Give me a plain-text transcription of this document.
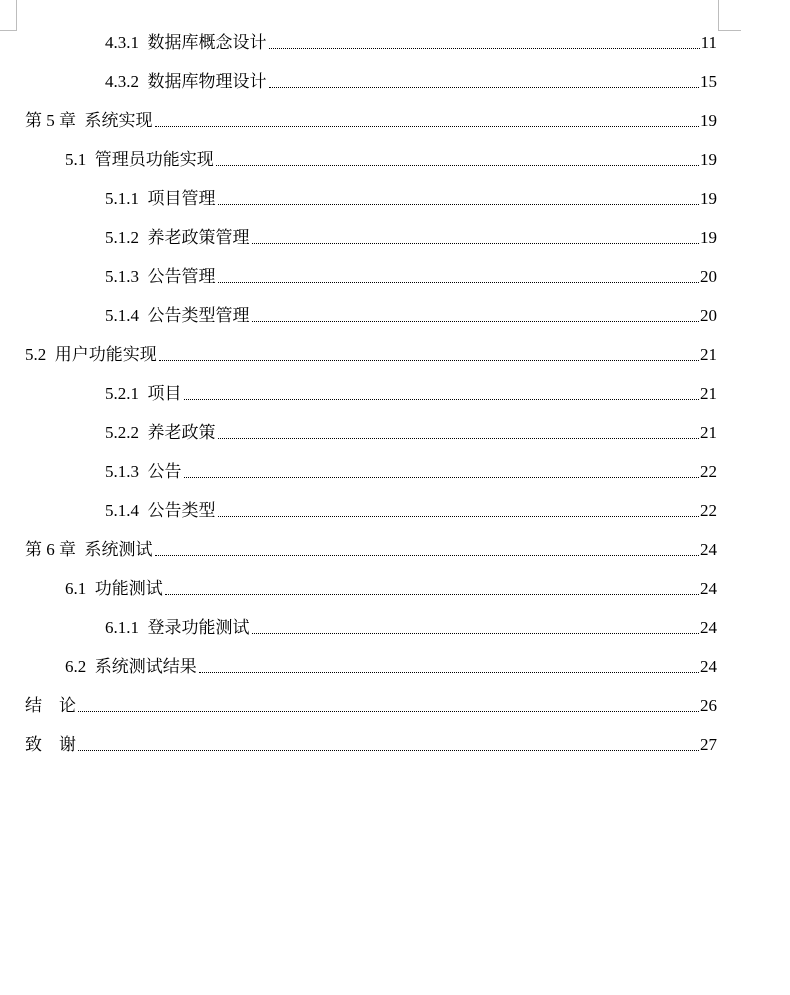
4.3.1  数据库概念设计	11
4.3.2  数据库物理设计	15
第 5 章  系统实现	19
5.1  管理员功能实现	19
5.1.1  项目管理	19
5.1.2  养老政策管理	19
5.1.3  公告管理	20
5.1.4  公告类型管理	20
5.2  用户功能实现	21
5.2.1  项目	21
5.2.2  养老政策	21
5.1.3  公告	22
5.1.4  公告类型	22
第 6 章  系统测试	24
6.1  功能测试	24
6.1.1  登录功能测试	24
6.2  系统测试结果	24
结    论	26
致    谢	27
